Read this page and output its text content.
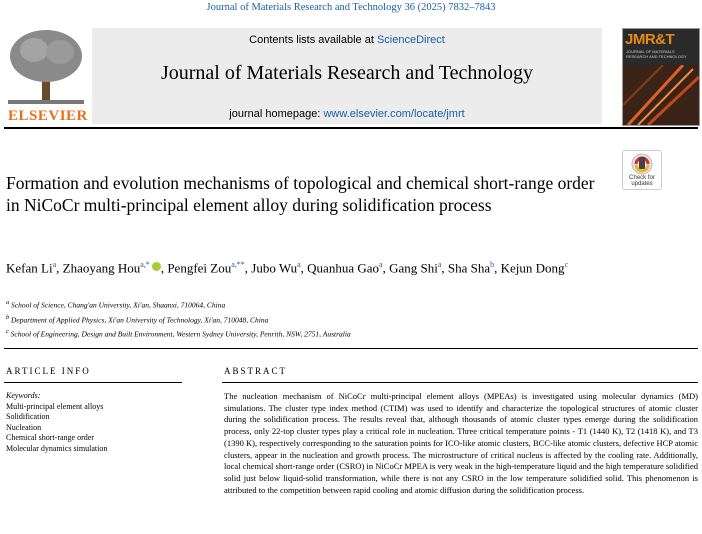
Journal of Materials Research and Technology 36 (2025) 7832–7843
ELSEVIER
Contents lists available at ScienceDirect
Journal of Materials Research and Technology
journal homepage: www.elsevier.com/locate/jmrt
JMR&T
JOURNAL OF MATERIALS RESEARCH AND TECHNOLOGY
Check for updates
Formation and evolution mechanisms of topological and chemical short-range order in NiCoCr multi-principal element alloy during solidification process
Kefan Li$^a$, Zhaoyang Hou$^{a,*}$ , Pengfei Zou$^{a,**}$, Jubo Wu$^a$, Quanhua Gao$^a$, Gang Shi$^a$, Sha Sha$^b$, Kejun Dong$^c$
$^a$ School of Science, Chang'an University, Xi'an, Shaanxi, 710064, China
$^b$ Department of Applied Physics, Xi'an University of Technology, Xi'an, 710048, China
$^c$ School of Engineering, Design and Built Environment, Western Sydney University, Penrith, NSW, 2751, Australia
ARTICLE INFO	ABSTRACT
Keywords:
Multi-principal element alloys
Solidification
Nucleation
Chemical short-range order
Molecular dynamics simulation
The nucleation mechanism of NiCoCr multi-principal element alloys (MPEAs) is investigated using molecular dynamics (MD) simulations. The cluster type index method (CTIM) was used to identify and characterize the topological structures of atomic cluster during the solidification process. The results reveal that, although thousands of atomic cluster types emerge during the solidification process, only 22-top cluster types play a critical role in nucleation. Three critical temperature points - T1 (1440 K), T2 (1418 K), and T3 (1390 K), respectively corresponding to the saturation points for ICO-like atomic clusters, BCC-like atomic clusters, defective HCP atomic clusters, appear in the nucleation and growth process. The microstructure of critical nucleus is affected by the cooling rate. Additionally, local chemical short-range order (CSRO) in NiCoCr MPEA is very weak in the high-temperature liquid and the high temperature solidified solid just below liquid-solid transformation, while there is not any CSRO in the low temperature solidified solid. This phenomenon is attributed to the competition between rapid cooling and atomic diffusion during the solidification process.
